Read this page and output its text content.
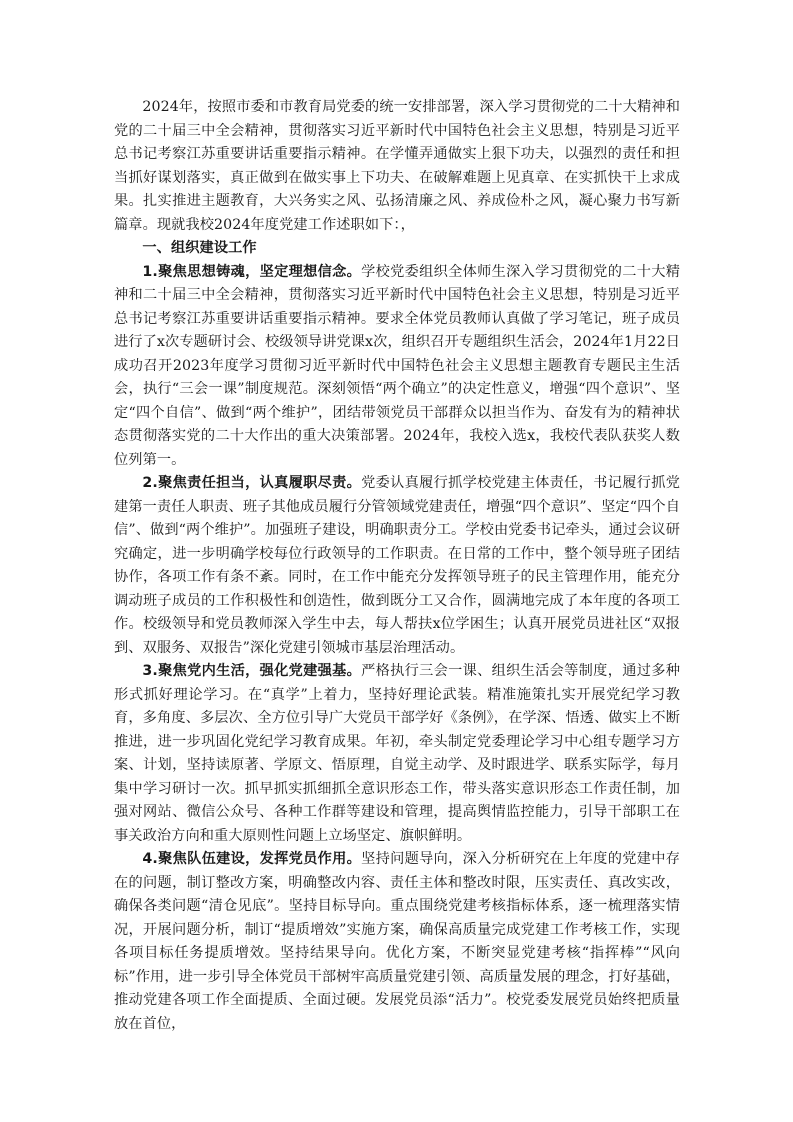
2024年，按照市委和市教育局党委的统一安排部署，深入学习贯彻党的二十大精神和党的二十届三中全会精神，贯彻落实习近平新时代中国特色社会主义思想，特别是习近平总书记考察江苏重要讲话重要指示精神。在学懂弄通做实上狠下功夫，以强烈的责任和担当抓好谋划落实，真正做到在做实事上下功夫、在破解难题上见真章、在实抓快干上求成果。扎实推进主题教育，大兴务实之风、弘扬清廉之风、养成俭朴之风，凝心聚力书写新篇章。现就我校2024年度党建工作述职如下：，

一、组织建设工作

1.聚焦思想铸魂，坚定理想信念。学校党委组织全体师生深入学习贯彻党的二十大精神和二十届三中全会精神，贯彻落实习近平新时代中国特色社会主义思想，特别是习近平总书记考察江苏重要讲话重要指示精神。要求全体党员教师认真做了学习笔记，班子成员进行了x次专题研讨会、校级领导讲党课x次，组织召开专题组织生活会，2024年1月22日成功召开2023年度学习贯彻习近平新时代中国特色社会主义思想主题教育专题民主生活会，执行“三会一课”制度规范。深刻领悟“两个确立”的决定性意义，增强“四个意识”、坚定“四个自信”、做到“两个维护”，团结带领党员干部群众以担当作为、奋发有为的精神状态贯彻落实党的二十大作出的重大决策部署。2024年，我校入选x，我校代表队获奖人数位列第一。

2.聚焦责任担当，认真履职尽责。党委认真履行抓学校党建主体责任，书记履行抓党建第一责任人职责、班子其他成员履行分管领域党建责任，增强“四个意识”、坚定“四个自信”、做到“两个维护”。加强班子建设，明确职责分工。学校由党委书记牵头，通过会议研究确定，进一步明确学校每位行政领导的工作职责。在日常的工作中，整个领导班子团结协作，各项工作有条不紊。同时，在工作中能充分发挥领导班子的民主管理作用，能充分调动班子成员的工作积极性和创造性，做到既分工又合作，圆满地完成了本年度的各项工作。校级领导和党员教师深入学生中去，每人帮扶x位学困生；认真开展党员进社区“双报到、双服务、双报告”深化党建引领城市基层治理活动。

3.聚焦党内生活，强化党建强基。严格执行三会一课、组织生活会等制度，通过多种形式抓好理论学习。在“真学”上着力，坚持好理论武装。精准施策扎实开展党纪学习教育，多角度、多层次、全方位引导广大党员干部学好《条例》，在学深、悟透、做实上不断推进，进一步巩固化党纪学习教育成果。年初，牵头制定党委理论学习中心组专题学习方案、计划，坚持读原著、学原文、悟原理，自觉主动学、及时跟进学、联系实际学，每月集中学习研讨一次。抓早抓实抓细抓全意识形态工作，带头落实意识形态工作责任制，加强对网站、微信公众号、各种工作群等建设和管理，提高舆情监控能力，引导干部职工在事关政治方向和重大原则性问题上立场坚定、旗帜鲜明。

4.聚焦队伍建设，发挥党员作用。坚持问题导向，深入分析研究在上年度的党建中存在的问题，制订整改方案，明确整改内容、责任主体和整改时限，压实责任、真改实改，确保各类问题“清仓见底”。坚持目标导向。重点围绕党建考核指标体系，逐一梳理落实情况，开展问题分析，制订“提质增效”实施方案，确保高质量完成党建工作考核工作，实现各项目标任务提质增效。坚持结果导向。优化方案，不断突显党建考核“指挥棒”“风向标”作用，进一步引导全体党员干部树牢高质量党建引领、高质量发展的理念，打好基础，推动党建各项工作全面提质、全面过硬。发展党员添“活力”。校党委发展党员始终把质量放在首位，
